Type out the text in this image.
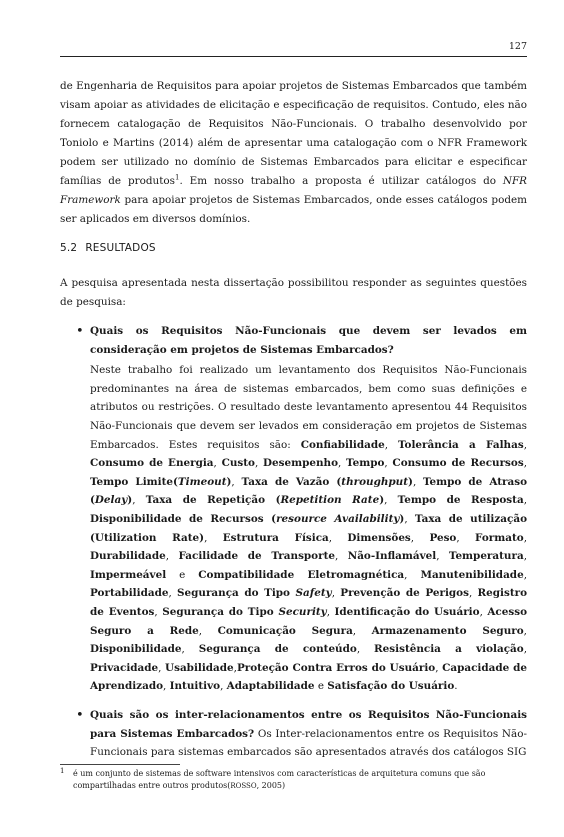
127
de Engenharia de Requisitos para apoiar projetos de Sistemas Embarcados que também visam apoiar as atividades de elicitação e especificação de requisitos. Contudo, eles não fornecem catalogação de Requisitos Não-Funcionais. O trabalho desenvolvido por Toniolo e Martins (2014) além de apresentar uma catalogação com o NFR Framework podem ser utilizado no domínio de Sistemas Embarcados para elicitar e especificar famílias de produtos$^1$. Em nosso trabalho a proposta é utilizar catálogos do NFR Framework para apoiar projetos de Sistemas Embarcados, onde esses catálogos podem ser aplicados em diversos domínios.
5.2 RESULTADOS
A pesquisa apresentada nesta dissertação possibilitou responder as seguintes questões de pesquisa:
• Quais os Requisitos Não-Funcionais que devem ser levados em consideração em projetos de Sistemas Embarcados?
Neste trabalho foi realizado um levantamento dos Requisitos Não-Funcionais predominantes na área de sistemas embarcados, bem como suas definições e atributos ou restrições. O resultado deste levantamento apresentou 44 Requisitos Não-Funcionais que devem ser levados em consideração em projetos de Sistemas Embarcados. Estes requisitos são: Confiabilidade, Tolerância a Falhas, Consumo de Energia, Custo, Desempenho, Tempo, Consumo de Recursos, Tempo Limite(Timeout), Taxa de Vazão (throughput), Tempo de Atraso (Delay), Taxa de Repetição (Repetition Rate), Tempo de Resposta, Disponibilidade de Recursos (resource Availability), Taxa de utilização (Utilization Rate), Estrutura Física, Dimensões, Peso, Formato, Durabilidade, Facilidade de Transporte, Não-Inflamável, Temperatura, Impermeável e Compatibilidade Eletromagnética, Manutenibilidade, Portabilidade, Segurança do Tipo Safety, Prevenção de Perigos, Registro de Eventos, Segurança do Tipo Security, Identificação do Usuário, Acesso Seguro a Rede, Comunicação Segura, Armazenamento Seguro, Disponibilidade, Segurança de conteúdo, Resistência a violação, Privacidade, Usabilidade,Proteção Contra Erros do Usuário, Capacidade de Aprendizado, Intuitivo, Adaptabilidade e Satisfação do Usuário.
• Quais são os inter-relacionamentos entre os Requisitos Não-Funcionais para Sistemas Embarcados? Os Inter-relacionamentos entre os Requisitos Não-Funcionais para sistemas embarcados são apresentados através dos catálogos SIG
1 é um conjunto de sistemas de software intensivos com características de arquitetura comuns que são compartilhadas entre outros produtos(ROSSO, 2005)
